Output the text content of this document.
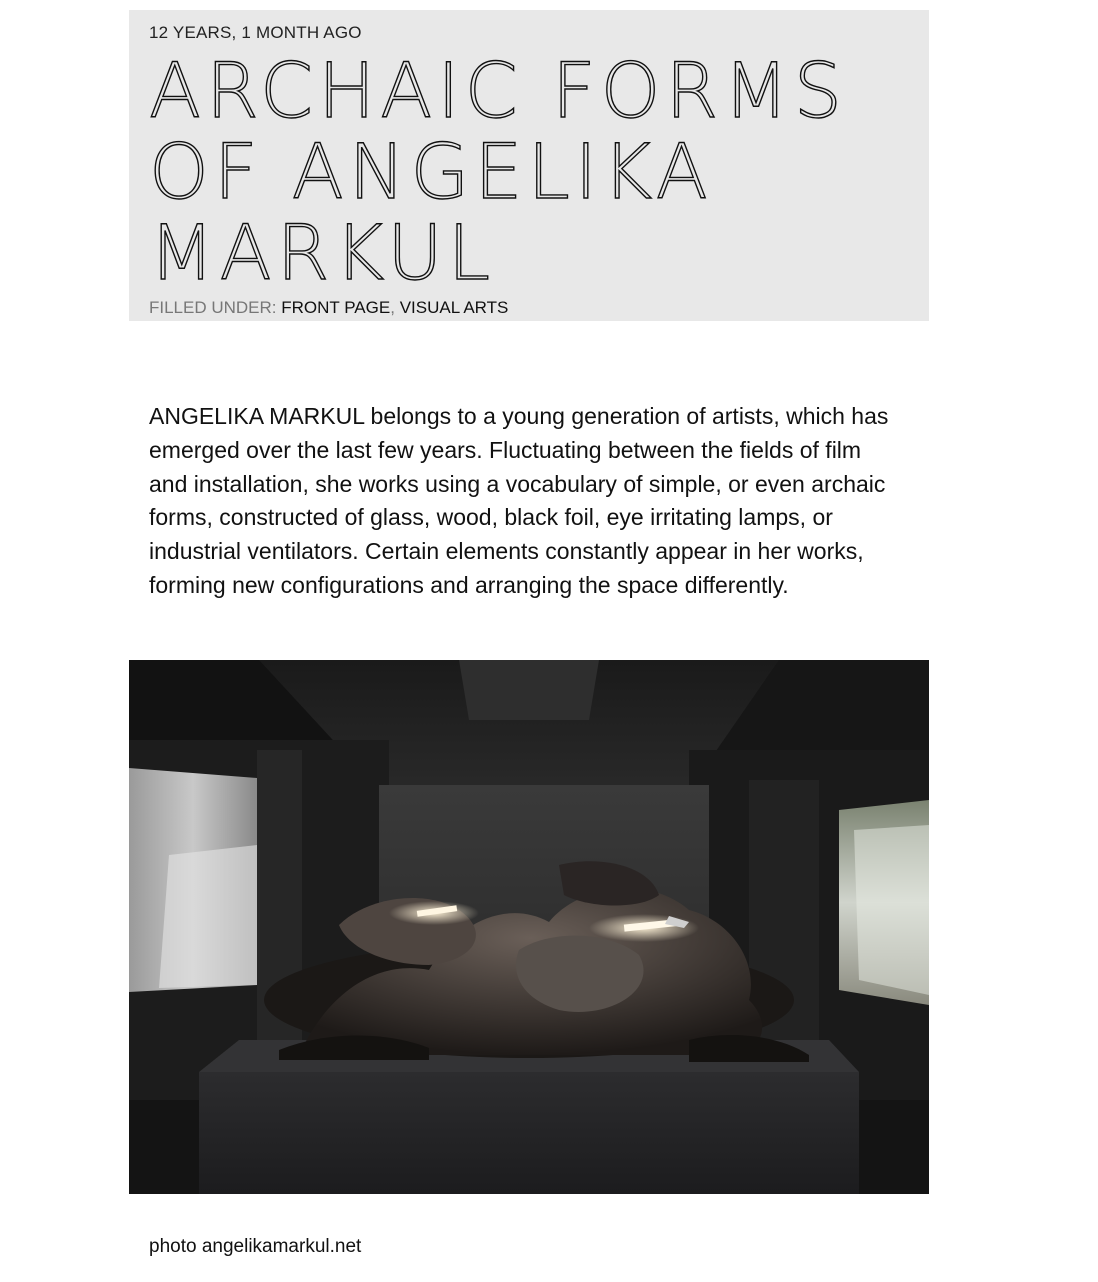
12 YEARS, 1 MONTH AGO
ARCHAIC FORMS OF ANGELIKA MARKUL
FILLED UNDER: FRONT PAGE, VISUAL ARTS

ANGELIKA MARKUL belongs to a young generation of artists, which has emerged over the last few years. Fluctuating between the fields of film and installation, she works using a vocabulary of simple, or even archaic forms, constructed of glass, wood, black foil, eye irritating lamps, or industrial ventilators. Certain elements constantly appear in her works, forming new configurations and arranging the space differently.

photo angelikamarkul.net
